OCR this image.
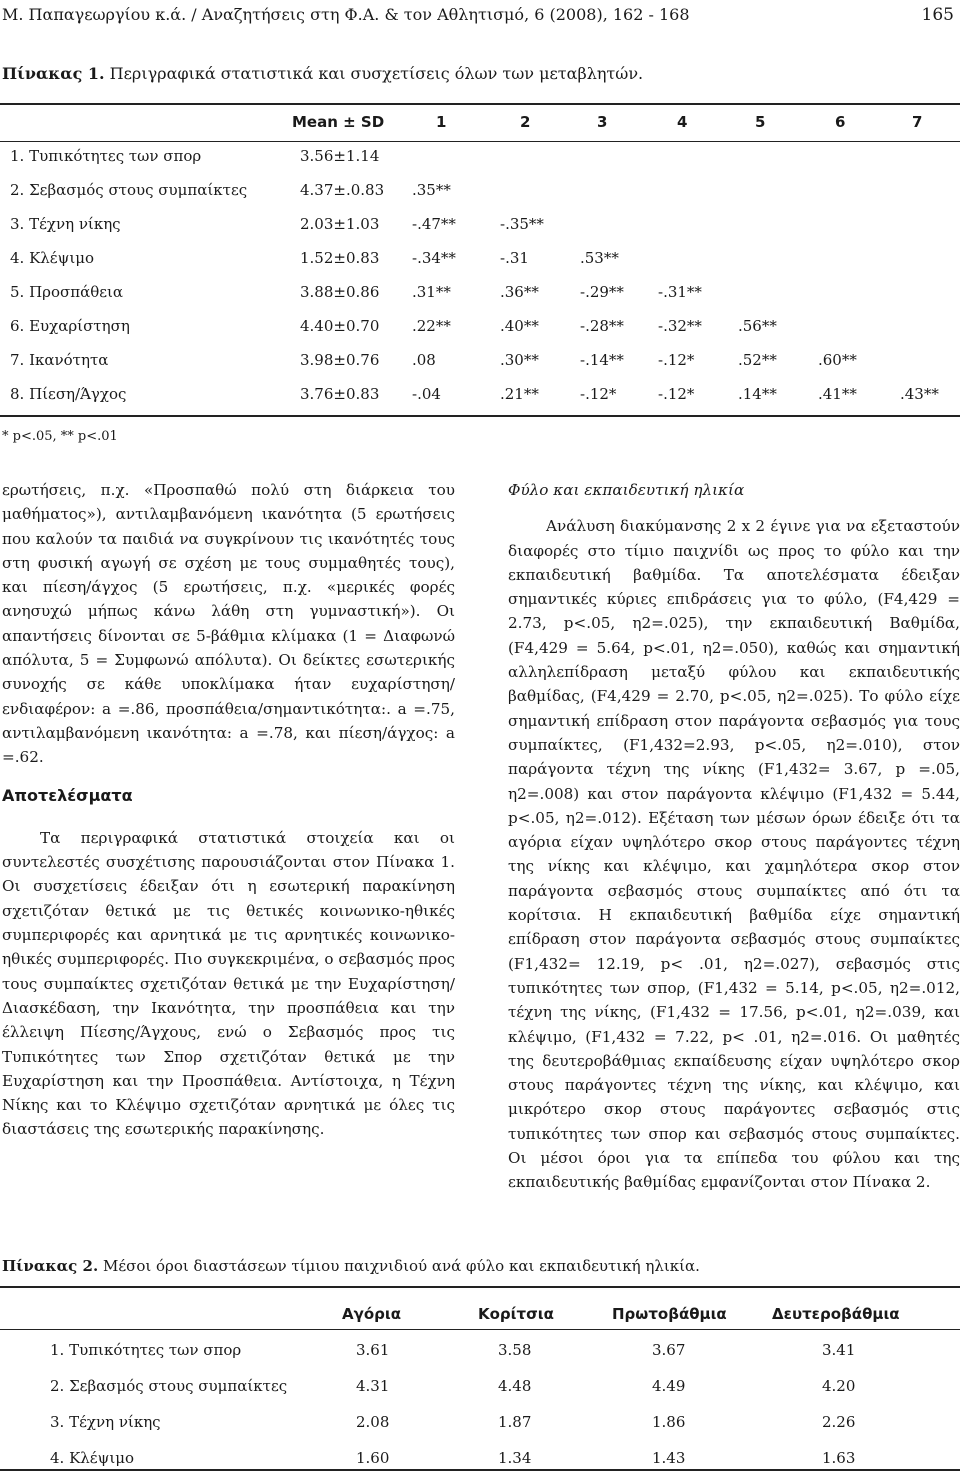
Μ. Παπαγεωργίου κ.ά. / Αναζητήσεις στη Φ.Α. & τον Αθλητισμό, 6 (2008), 162 - 168	165
Πίνακας 1. Περιγραφικά στατιστικά και συσχετίσεις όλων των μεταβλητών.
Mean ± SD	1	2	3	4	5	6	7
1. Τυπικότητες των σπορ	3.56±1.14
2. Σεβασμός στους συμπαίκτες	4.37±.0.83 .35**
3. Τέχνη νίκης	2.03±1.03 -.47**	-.35**
4. Κλέψιμο	1.52±0.83 -.34**	-.31	.53**
5. Προσπάθεια	3.88±0.86 .31**	.36**	-.29** -.31**
6. Ευχαρίστηση	4.40±0.70 .22**	.40**	-.28** -.32** .56**
7. Ικανότητα	3.98±0.76 .08	.30**	-.14** -.12*	.52**	.60**
8. Πίεση/Άγχος	3.76±0.83 -.04	.21**	-.12*	-.12*	.14**	.41**	.43**
* p<.05, ** p<.01

ερωτήσεις, π.χ. «Προσπαθώ πολύ στη διάρκεια του μαθήματος»), αντιλαμβανόμενη ικανότητα (5 ερωτήσεις που καλούν τα παιδιά να συγκρίνουν τις ικανότητές τους στη φυσική αγωγή σε σχέση με τους συμμαθητές τους), και πίεση/άγχος (5 ερωτήσεις, π.χ. «μερικές φορές ανησυχώ μήπως κάνω λάθη στη γυμναστική»). Οι απαντήσεις δίνονται σε 5-βάθμια κλίμακα (1 = Διαφωνώ απόλυτα, 5 = Συμφωνώ απόλυτα). Οι δείκτες εσωτερικής συνοχής σε κάθε υποκλίμακα ήταν ευχαρίστηση/ενδιαφέρον: a =.86, προσπάθεια/σημαντικότητα:. a =.75, αντιλαμβανόμενη ικανότητα: a =.78, και πίεση/άγχος: a =.62.

Αποτελέσματα

Τα περιγραφικά στατιστικά στοιχεία και οι συντελεστές συσχέτισης παρουσιάζονται στον Πίνακα 1. Οι συσχετίσεις έδειξαν ότι η εσωτερική παρακίνηση σχετιζόταν θετικά με τις θετικές κοινωνικο-ηθικές συμπεριφορές και αρνητικά με τις αρνητικές κοινωνικο-ηθικές συμπεριφορές. Πιο συγκεκριμένα, ο σεβασμός προς τους συμπαίκτες σχετιζόταν θετικά με την Ευχαρίστηση/Διασκέδαση, την Ικανότητα, την προσπάθεια και την έλλειψη Πίεσης/Άγχους, ενώ ο Σεβασμός προς τις Τυπικότητες των Σπορ σχετιζόταν θετικά με την Ευχαρίστηση και την Προσπάθεια. Αντίστοιχα, η Τέχνη Νίκης και το Κλέψιμο σχετιζόταν αρνητικά με όλες τις διαστάσεις της εσωτερικής παρακίνησης.

Φύλο και εκπαιδευτική ηλικία

Ανάλυση διακύμανσης 2 x 2 έγινε για να εξεταστούν διαφορές στο τίμιο παιχνίδι ως προς το φύλο και την εκπαιδευτική βαθμίδα. Τα αποτελέσματα έδειξαν σημαντικές κύριες επιδράσεις για το φύλο, (F4,429 = 2.73, p<.05, η2=.025), την εκπαιδευτική Βαθμίδα, (F4,429 = 5.64, p<.01, η2=.050), καθώς και σημαντική αλληλεπίδραση μεταξύ φύλου και εκπαιδευτικής βαθμίδας, (F4,429 = 2.70, p<.05, η2=.025). Το φύλο είχε σημαντική επίδραση στον παράγοντα σεβασμός για τους συμπαίκτες, (F1,432=2.93, p<.05, η2=.010), στον παράγοντα τέχνη της νίκης (F1,432= 3.67, p =.05, η2=.008) και στον παράγοντα κλέψιμο (F1,432 = 5.44, p<.05, η2=.012). Εξέταση των μέσων όρων έδειξε ότι τα αγόρια είχαν υψηλότερο σκορ στους παράγοντες τέχνη της νίκης και κλέψιμο, και χαμηλότερα σκορ στον παράγοντα σεβασμός στους συμπαίκτες από ότι τα κορίτσια. Η εκπαιδευτική βαθμίδα είχε σημαντική επίδραση στον παράγοντα σεβασμός στους συμπαίκτες (F1,432= 12.19, p< .01, η2=.027), σεβασμός στις τυπικότητες των σπορ, (F1,432 = 5.14, p<.05, η2=.012, τέχνη της νίκης, (F1,432 = 17.56, p<.01, η2=.039, και κλέψιμο, (F1,432 = 7.22, p< .01, η2=.016. Οι μαθητές της δευτεροβάθμιας εκπαίδευσης είχαν υψηλότερο σκορ στους παράγοντες τέχνη της νίκης, και κλέψιμο, και μικρότερο σκορ στους παράγοντες σεβασμός στις τυπικότητες των σπορ και σεβασμός στους συμπαίκτες. Οι μέσοι όροι για τα επίπεδα του φύλου και της εκπαιδευτικής βαθμίδας εμφανίζονται στον Πίνακα 2.

Πίνακας 2. Μέσοι όροι διαστάσεων τίμιου παιχνιδιού ανά φύλο και εκπαιδευτική ηλικία.
Αγόρια	Κορίτσια	Πρωτοβάθμια	Δευτεροβάθμια
1. Τυπικότητες των σπορ	3.61	3.58	3.67	3.41
2. Σεβασμός στους συμπαίκτες	4.31	4.48	4.49	4.20
3. Τέχνη νίκης	2.08	1.87	1.86	2.26
4. Κλέψιμο	1.60	1.34	1.43	1.63
